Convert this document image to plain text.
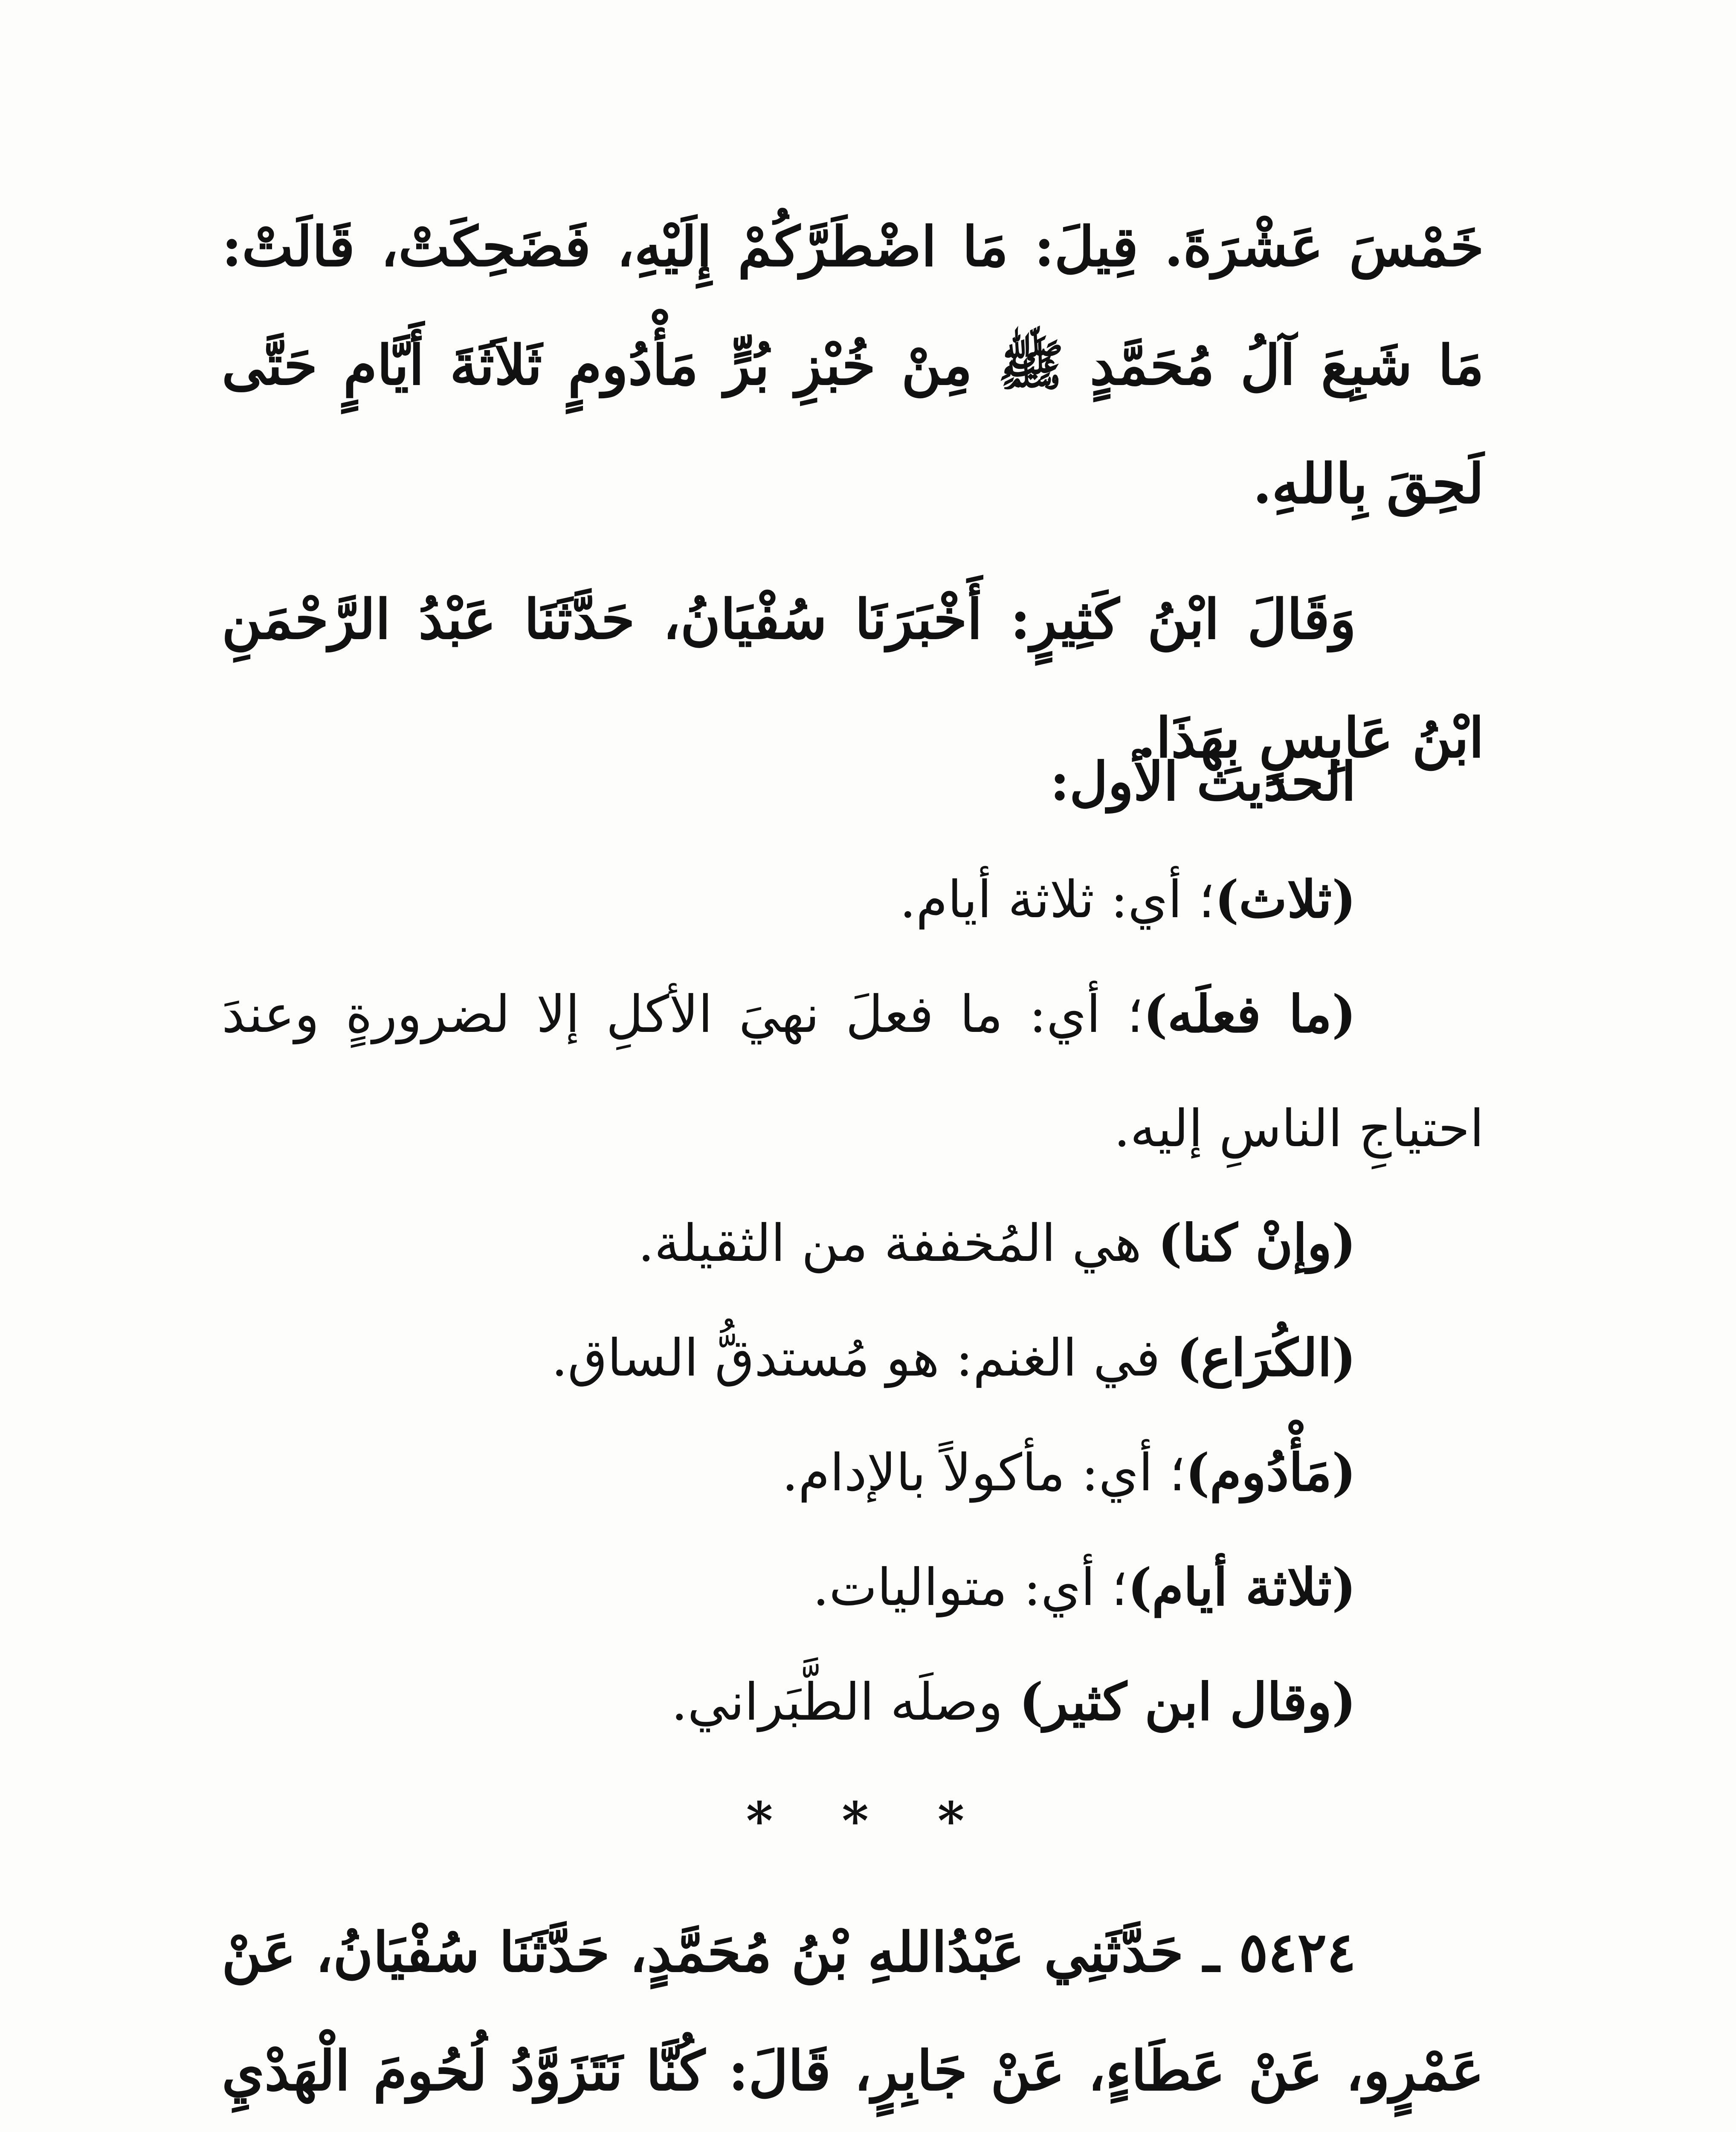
خَمْسَ عَشْرَةَ. قِيلَ: مَا اضْطَرَّكُمْ إِلَيْهِ، فَضَحِكَتْ، قَالَتْ: مَا شَبِعَ آلُ مُحَمَّدٍ ﷺ مِنْ خُبْزِ بُرٍّ مَأْدُومٍ ثَلاَثَةَ أَيَّامٍ حَتَّى لَحِقَ بِاللهِ.

وَقَالَ ابْنُ كَثِيرٍ: أَخْبَرَنَا سُفْيَانُ، حَدَّثَنَا عَبْدُ الرَّحْمَنِ ابْنُ عَابِسٍ بِهَذَا.

الحديث الأول:

(ثلاث)؛ أي: ثلاثة أيام.

(ما فعلَه)؛ أي: ما فعلَ نهيَ الأكلِ إلا لضرورةٍ وعندَ احتياجِ الناسِ إليه.

(وإنْ كنا) هي المُخففة من الثقيلة.

(الكُرَاع) في الغنم: هو مُستدقُّ الساق.

(مَأْدُوم)؛ أي: مأكولاً بالإدام.

(ثلاثة أيام)؛ أي: متواليات.

(وقال ابن كثير) وصلَه الطَّبَراني.

* * *

٥٤٢٤ ـ حَدَّثَنِي عَبْدُاللهِ بْنُ مُحَمَّدٍ، حَدَّثَنَا سُفْيَانُ، عَنْ عَمْرٍو، عَنْ عَطَاءٍ، عَنْ جَابِرٍ، قَالَ: كُنَّا نَتَزَوَّدُ لُحُومَ الْهَدْيِ
